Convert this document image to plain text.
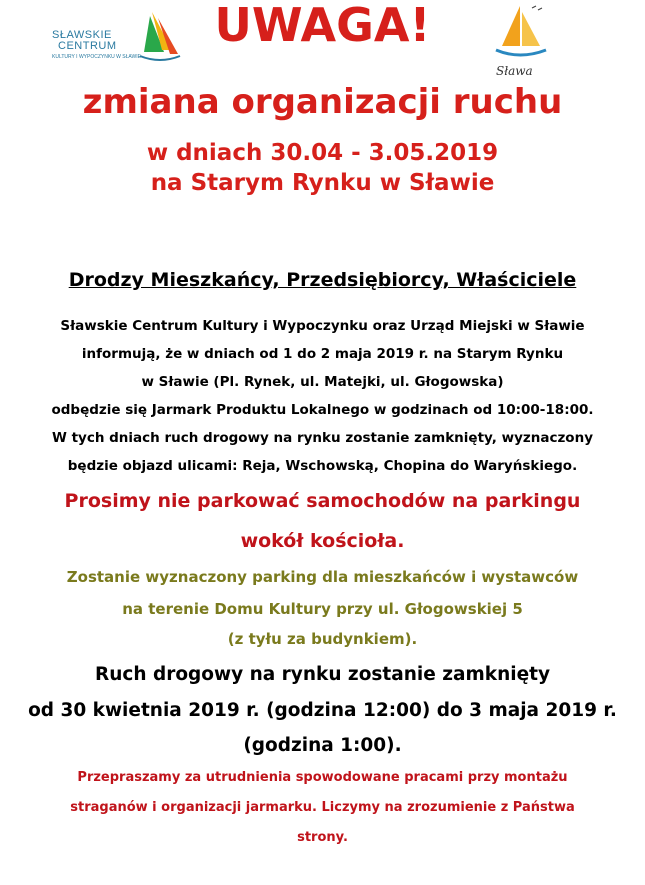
SŁAWSKIE
CENTRUM
KULTURY I WYPOCZYNKU W SŁAWIE
Sława
UWAGA!
zmiana organizacji ruchu
w dniach 30.04 - 3.05.2019
na Starym Rynku w Sławie
Drodzy Mieszkańcy, Przedsiębiorcy, Właściciele
Sławskie Centrum Kultury i Wypoczynku oraz Urząd Miejski w Sławie
informują, że w dniach od 1 do 2 maja 2019 r. na Starym Rynku
w Sławie (Pl. Rynek, ul. Matejki, ul. Głogowska)
odbędzie się Jarmark Produktu Lokalnego w godzinach od 10:00-18:00.
W tych dniach ruch drogowy na rynku zostanie zamknięty, wyznaczony
będzie objazd ulicami: Reja, Wschowską, Chopina do Waryńskiego.
Prosimy nie parkować samochodów na parkingu
wokół kościoła.
Zostanie wyznaczony parking dla mieszkańców i wystawców
na terenie Domu Kultury przy ul. Głogowskiej 5
(z tyłu za budynkiem).
Ruch drogowy na rynku zostanie zamknięty
od 30 kwietnia 2019 r. (godzina 12:00) do 3 maja 2019 r.
(godzina 1:00).
Przepraszamy za utrudnienia spowodowane pracami przy montażu
straganów i organizacji jarmarku. Liczymy na zrozumienie z Państwa
strony.
